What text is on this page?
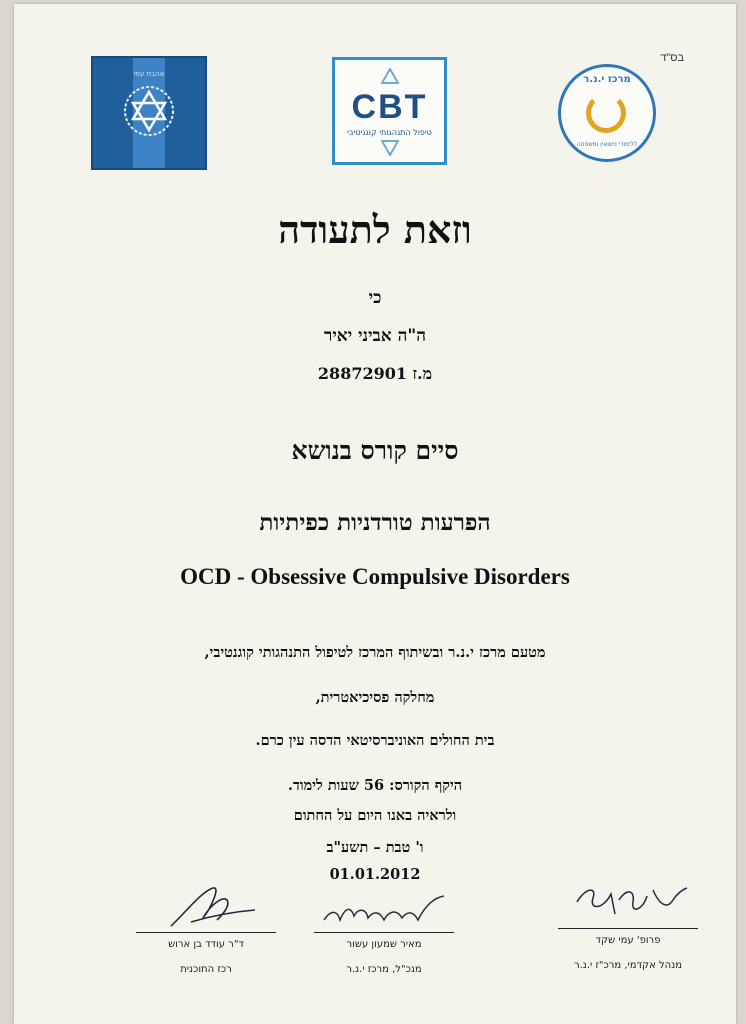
בס"ד
אהבת עמי
CBT
טיפול התנהגותי קוגניטיבי
מרכז י.נ.ר
ללימודי נישואין ומשפחה
וזאת לתעודה
כי
ה"ה אביני יאיר
מ.ז 28872901
סיים קורס בנושא
הפרעות טורדניות כפיתיות
OCD - Obsessive Compulsive Disorders
מטעם מרכז י.נ.ר ובשיתוף המרכז לטיפול התנהגותי קוגנטיבי,
מחלקה פסיכיאטרית,
בית החולים האוניברסיטאי הדסה עין כרם.
היקף הקורס: 56 שעות לימוד.
ולראיה באנו היום על החתום
ו' טבת – תשע"ב
01.01.2012
ד"ר עודד בן ארוש
רכז התוכנית
מאיר שמעון עשור
מנכ"ל, מרכז י.נ.ר
פרופ' עמי שקד
מנהל אקדמי, מרכ"ז י.נ.ר
